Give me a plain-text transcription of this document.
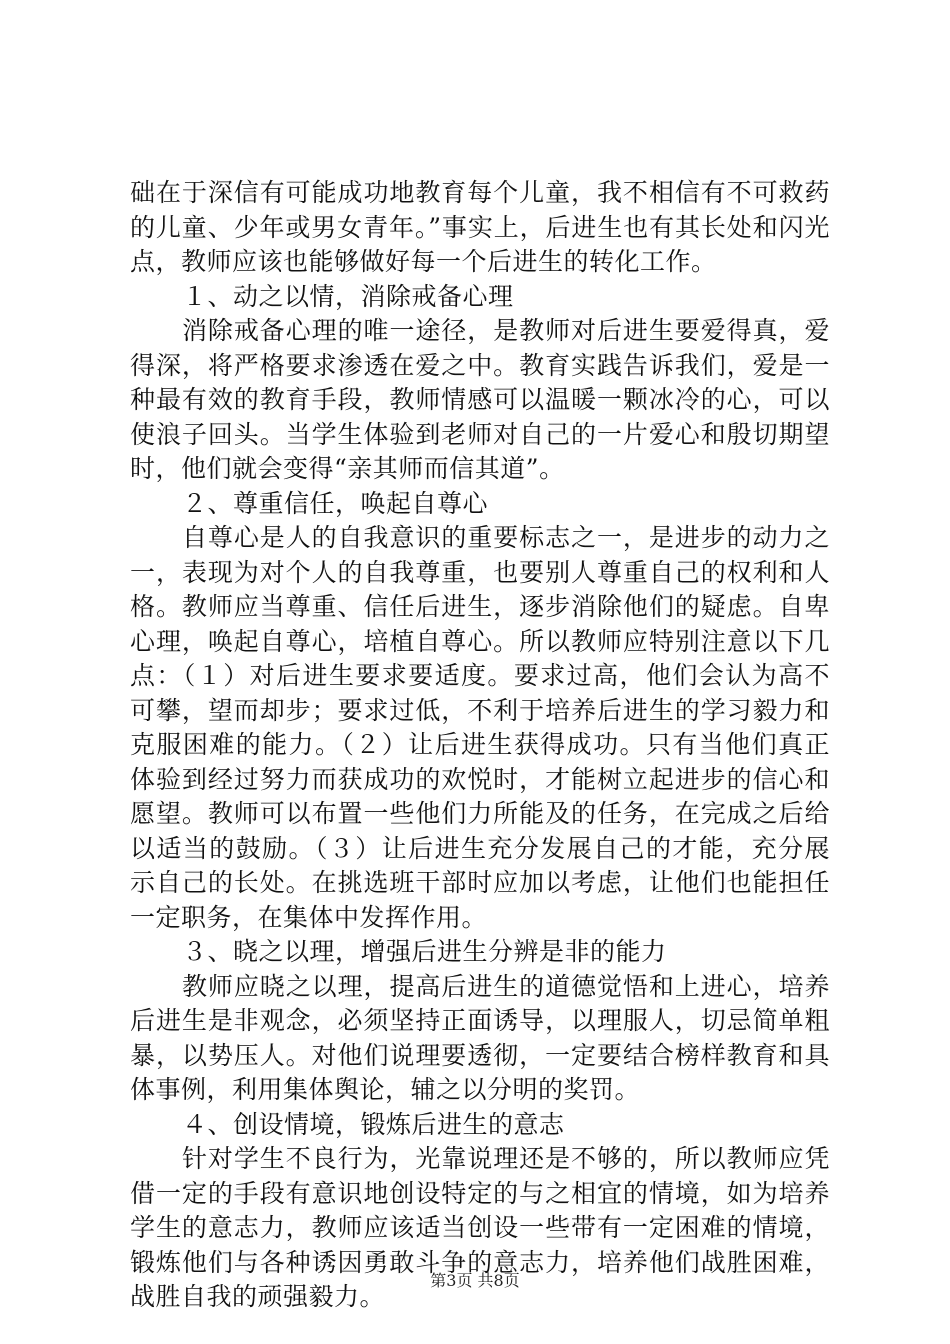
础在于深信有可能成功地教育每个儿童，我不相信有不可救药的儿童、少年或男女青年。”事实上，后进生也有其长处和闪光点，教师应该也能够做好每一个后进生的转化工作。

１、动之以情，消除戒备心理

消除戒备心理的唯一途径，是教师对后进生要爱得真，爱得深，将严格要求渗透在爱之中。教育实践告诉我们，爱是一种最有效的教育手段，教师情感可以温暖一颗冰冷的心，可以使浪子回头。当学生体验到老师对自己的一片爱心和殷切期望时，他们就会变得“亲其师而信其道”。

２、尊重信任，唤起自尊心

自尊心是人的自我意识的重要标志之一，是进步的动力之一，表现为对个人的自我尊重，也要别人尊重自己的权利和人格。教师应当尊重、信任后进生，逐步消除他们的疑虑。自卑心理，唤起自尊心，培植自尊心。所以教师应特别注意以下几点：（１）对后进生要求要适度。要求过高，他们会认为高不可攀，望而却步；要求过低，不利于培养后进生的学习毅力和克服困难的能力。（２）让后进生获得成功。只有当他们真正体验到经过努力而获成功的欢悦时，才能树立起进步的信心和愿望。教师可以布置一些他们力所能及的任务，在完成之后给以适当的鼓励。（３）让后进生充分发展自己的才能，充分展示自己的长处。在挑选班干部时应加以考虑，让他们也能担任一定职务，在集体中发挥作用。

３、晓之以理，增强后进生分辨是非的能力

教师应晓之以理，提高后进生的道德觉悟和上进心，培养后进生是非观念，必须坚持正面诱导，以理服人，切忌简单粗暴，以势压人。对他们说理要透彻，一定要结合榜样教育和具体事例，利用集体舆论，辅之以分明的奖罚。

４、创设情境，锻炼后进生的意志

针对学生不良行为，光靠说理还是不够的，所以教师应凭借一定的手段有意识地创设特定的与之相宜的情境，如为培养学生的意志力，教师应该适当创设一些带有一定困难的情境，锻炼他们与各种诱因勇敢斗争的意志力，培养他们战胜困难，战胜自我的顽强毅力。

第3页 共8页
